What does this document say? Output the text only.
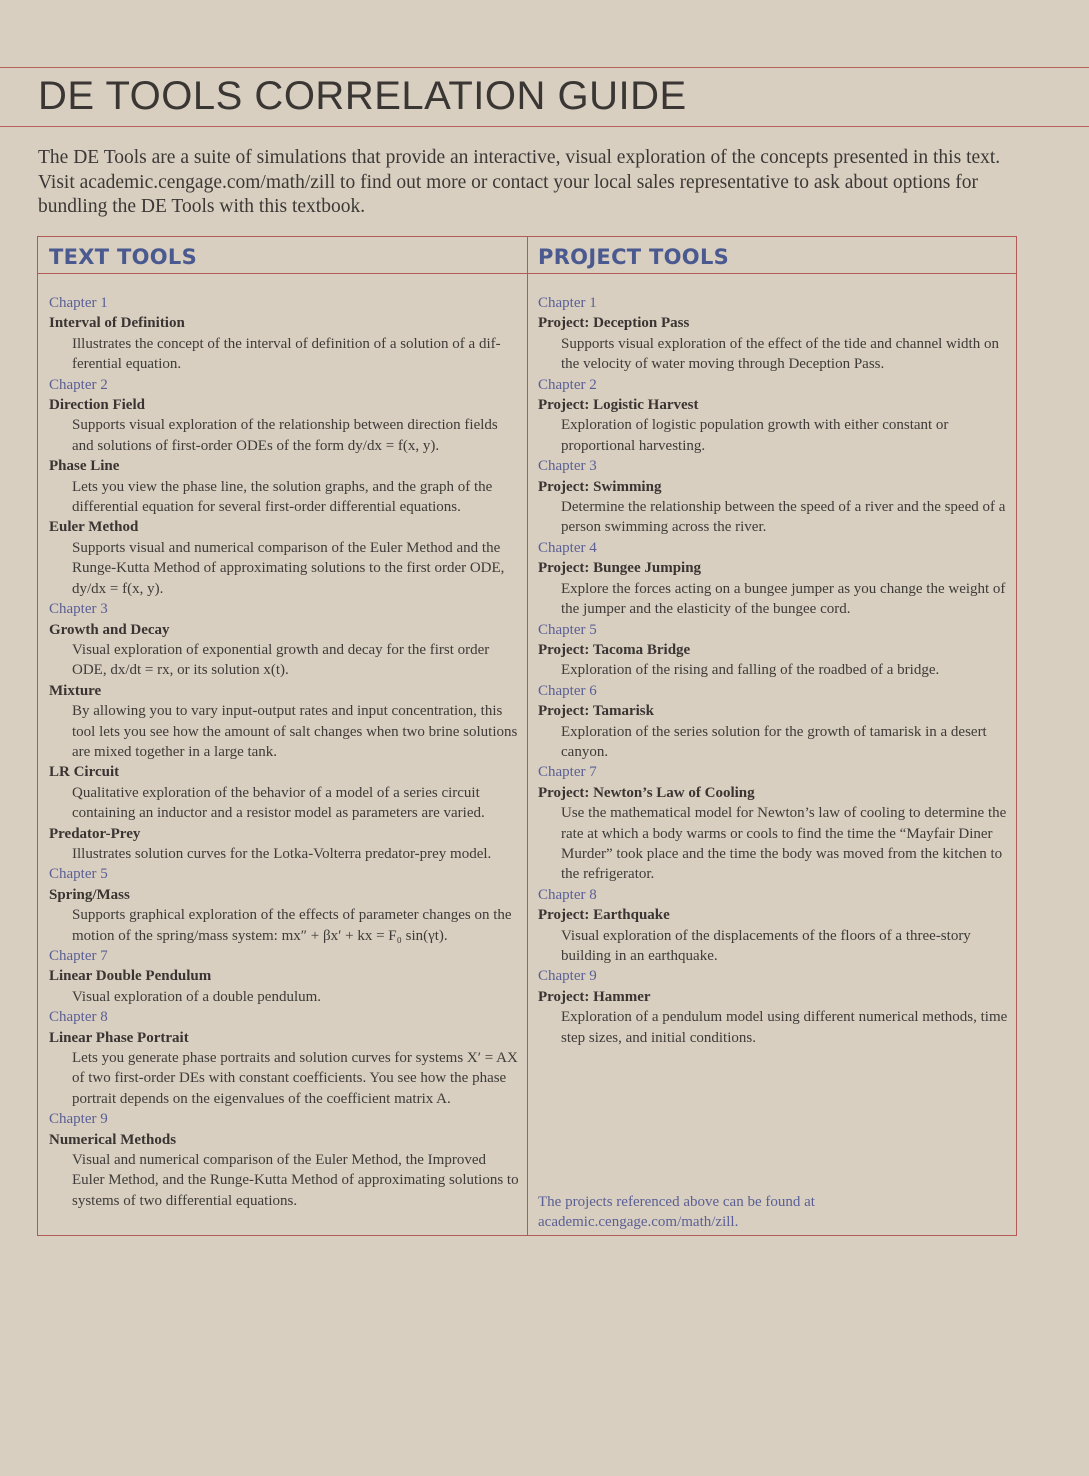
DE TOOLS CORRELATION GUIDE
The DE Tools are a suite of simulations that provide an interactive, visual exploration of the concepts presented in this text. Visit academic.cengage.com/math/zill to find out more or contact your local sales representative to ask about options for bundling the DE Tools with this textbook.
TEXT TOOLS	PROJECT TOOLS
Chapter 1
Interval of Definition
Illustrates the concept of the interval of definition of a solution of a dif-ferential equation.
Chapter 2
Direction Field
Supports visual exploration of the relationship between direction fields and solutions of first-order ODEs of the form dy/dx = f(x, y).
Phase Line
Lets you view the phase line, the solution graphs, and the graph of the differential equation for several first-order differential equations.
Euler Method
Supports visual and numerical comparison of the Euler Method and the Runge-Kutta Method of approximating solutions to the first order ODE, dy/dx = f(x, y).
Chapter 3
Growth and Decay
Visual exploration of exponential growth and decay for the first order ODE, dx/dt = rx, or its solution x(t).
Mixture
By allowing you to vary input-output rates and input concentration, this tool lets you see how the amount of salt changes when two brine solutions are mixed together in a large tank.
LR Circuit
Qualitative exploration of the behavior of a model of a series circuit containing an inductor and a resistor model as parameters are varied.
Predator-Prey
Illustrates solution curves for the Lotka-Volterra predator-prey model.
Chapter 5
Spring/Mass
Supports graphical exploration of the effects of parameter changes on the motion of the spring/mass system: mx″ + βx′ + kx = F₀ sin(γt).
Chapter 7
Linear Double Pendulum
Visual exploration of a double pendulum.
Chapter 8
Linear Phase Portrait
Lets you generate phase portraits and solution curves for systems X′ = AX of two first-order DEs with constant coefficients. You see how the phase portrait depends on the eigenvalues of the coefficient matrix A.
Chapter 9
Numerical Methods
Visual and numerical comparison of the Euler Method, the Improved Euler Method, and the Runge-Kutta Method of approximating solutions to systems of two differential equations.
Chapter 1
Project: Deception Pass
Supports visual exploration of the effect of the tide and channel width on the velocity of water moving through Deception Pass.
Chapter 2
Project: Logistic Harvest
Exploration of logistic population growth with either constant or proportional harvesting.
Chapter 3
Project: Swimming
Determine the relationship between the speed of a river and the speed of a person swimming across the river.
Chapter 4
Project: Bungee Jumping
Explore the forces acting on a bungee jumper as you change the weight of the jumper and the elasticity of the bungee cord.
Chapter 5
Project: Tacoma Bridge
Exploration of the rising and falling of the roadbed of a bridge.
Chapter 6
Project: Tamarisk
Exploration of the series solution for the growth of tamarisk in a desert canyon.
Chapter 7
Project: Newton’s Law of Cooling
Use the mathematical model for Newton’s law of cooling to determine the rate at which a body warms or cools to find the time the “Mayfair Diner Murder” took place and the time the body was moved from the kitchen to the refrigerator.
Chapter 8
Project: Earthquake
Visual exploration of the displacements of the floors of a three-story building in an earthquake.
Chapter 9
Project: Hammer
Exploration of a pendulum model using different numerical methods, time step sizes, and initial conditions.
The projects referenced above can be found at academic.cengage.com/math/zill.
